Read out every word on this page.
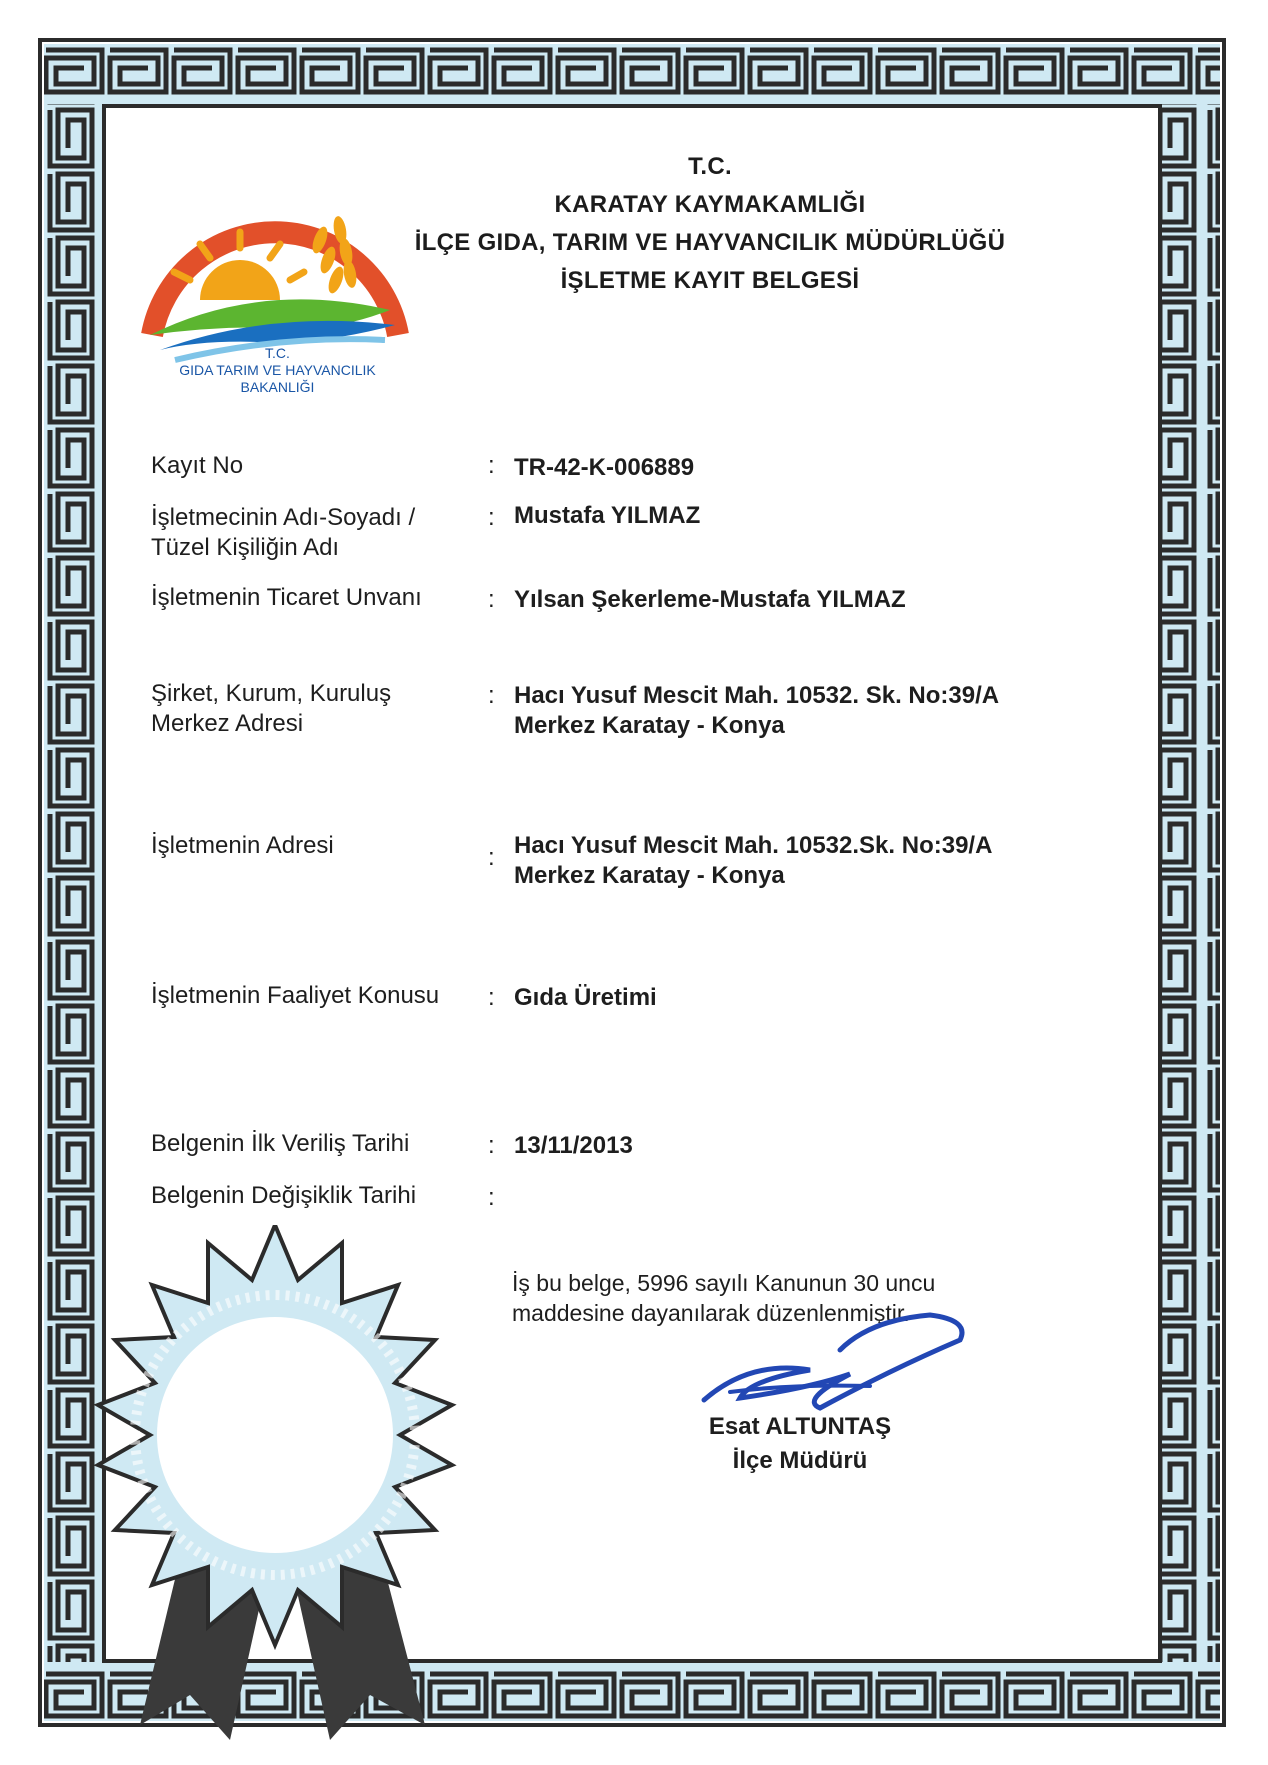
T.C.
GIDA TARIM VE HAYVANCILIK
BAKANLIĞI
T.C.
KARATAY KAYMAKAMLIĞI
İLÇE GIDA, TARIM VE HAYVANCILIK MÜDÜRLÜĞÜ
İŞLETME KAYIT BELGESİ
Kayıt No	: TR-42-K-006889
İşletmecinin Adı-Soyadı /
Tüzel Kişiliğin Adı
: Mustafa YILMAZ
İşletmenin Ticaret Unvanı	: Yılsan Şekerleme-Mustafa YILMAZ
Şirket, Kurum, Kuruluş
Merkez Adresi
: Hacı Yusuf Mescit Mah. 10532. Sk. No:39/A
Merkez Karatay - Konya
İşletmenin Adresi	: Hacı Yusuf Mescit Mah. 10532.Sk. No:39/A
Merkez Karatay - Konya
İşletmenin Faaliyet Konusu	: Gıda Üretimi
Belgenin İlk Veriliş Tarihi	: 13/11/2013
Belgenin Değişiklik Tarihi	:
İş bu belge, 5996 sayılı Kanunun 30 uncu
maddesine dayanılarak düzenlenmiştir.
Esat ALTUNTAŞ
İlçe Müdürü
